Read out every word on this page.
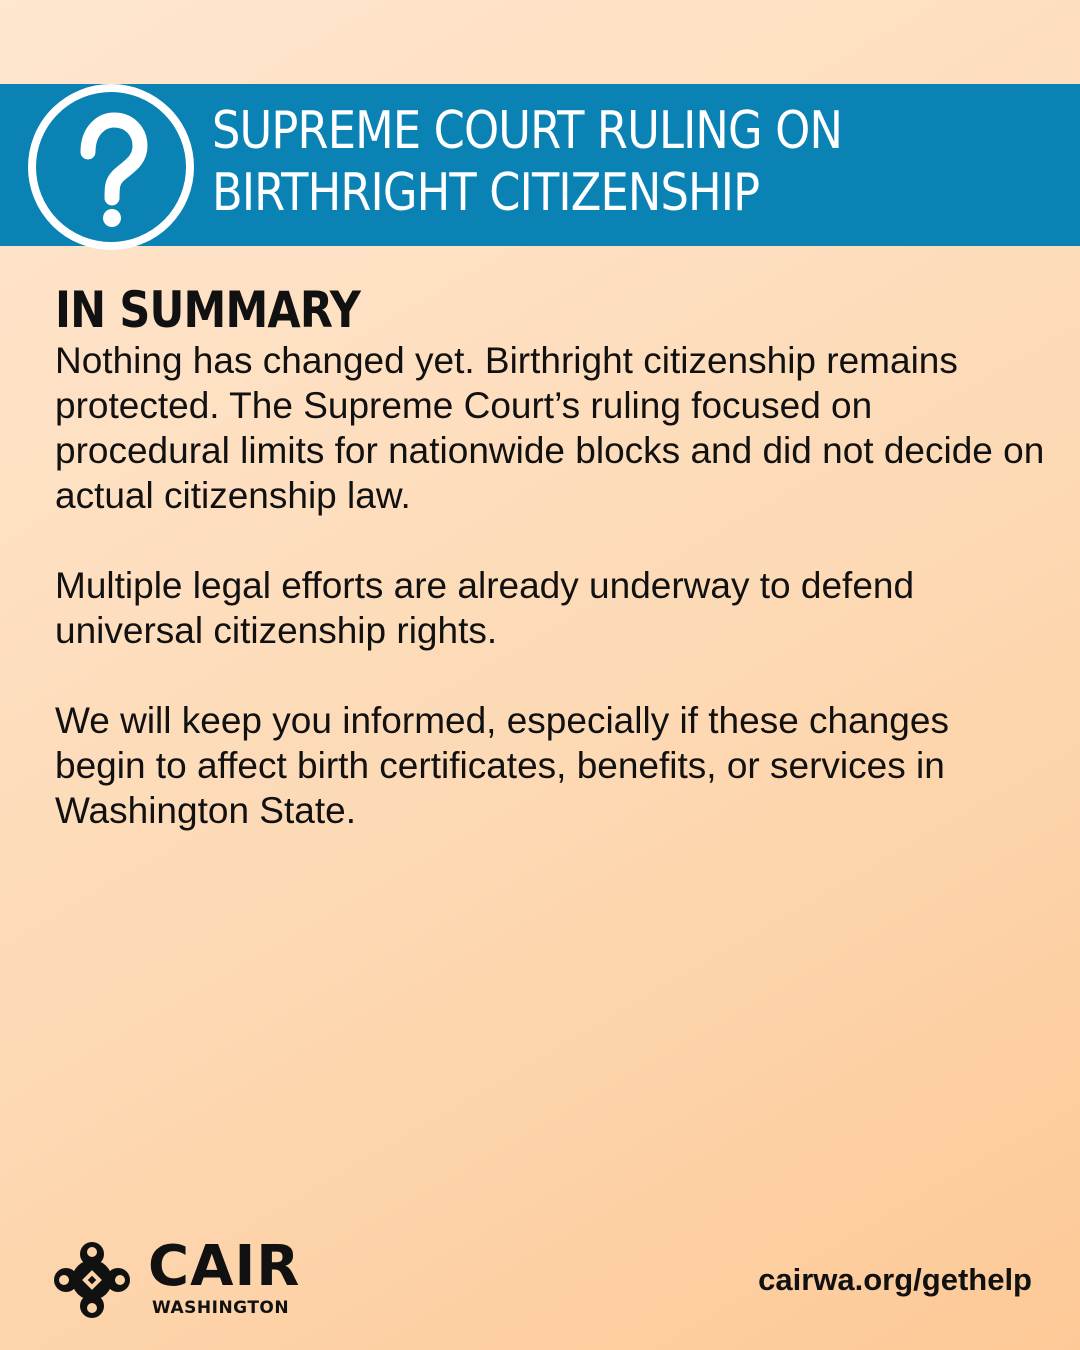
SUPREME COURT RULING ON
BIRTHRIGHT CITIZENSHIP
IN SUMMARY

Nothing has changed yet. Birthright citizenship remains protected. The Supreme Court’s ruling focused on procedural limits for nationwide blocks and did not decide on actual citizenship law.

Multiple legal efforts are already underway to defend universal citizenship rights.

We will keep you informed, especially if these changes begin to affect birth certificates, benefits, or services in Washington State.

CAIR
WASHINGTON
cairwa.org/gethelp
